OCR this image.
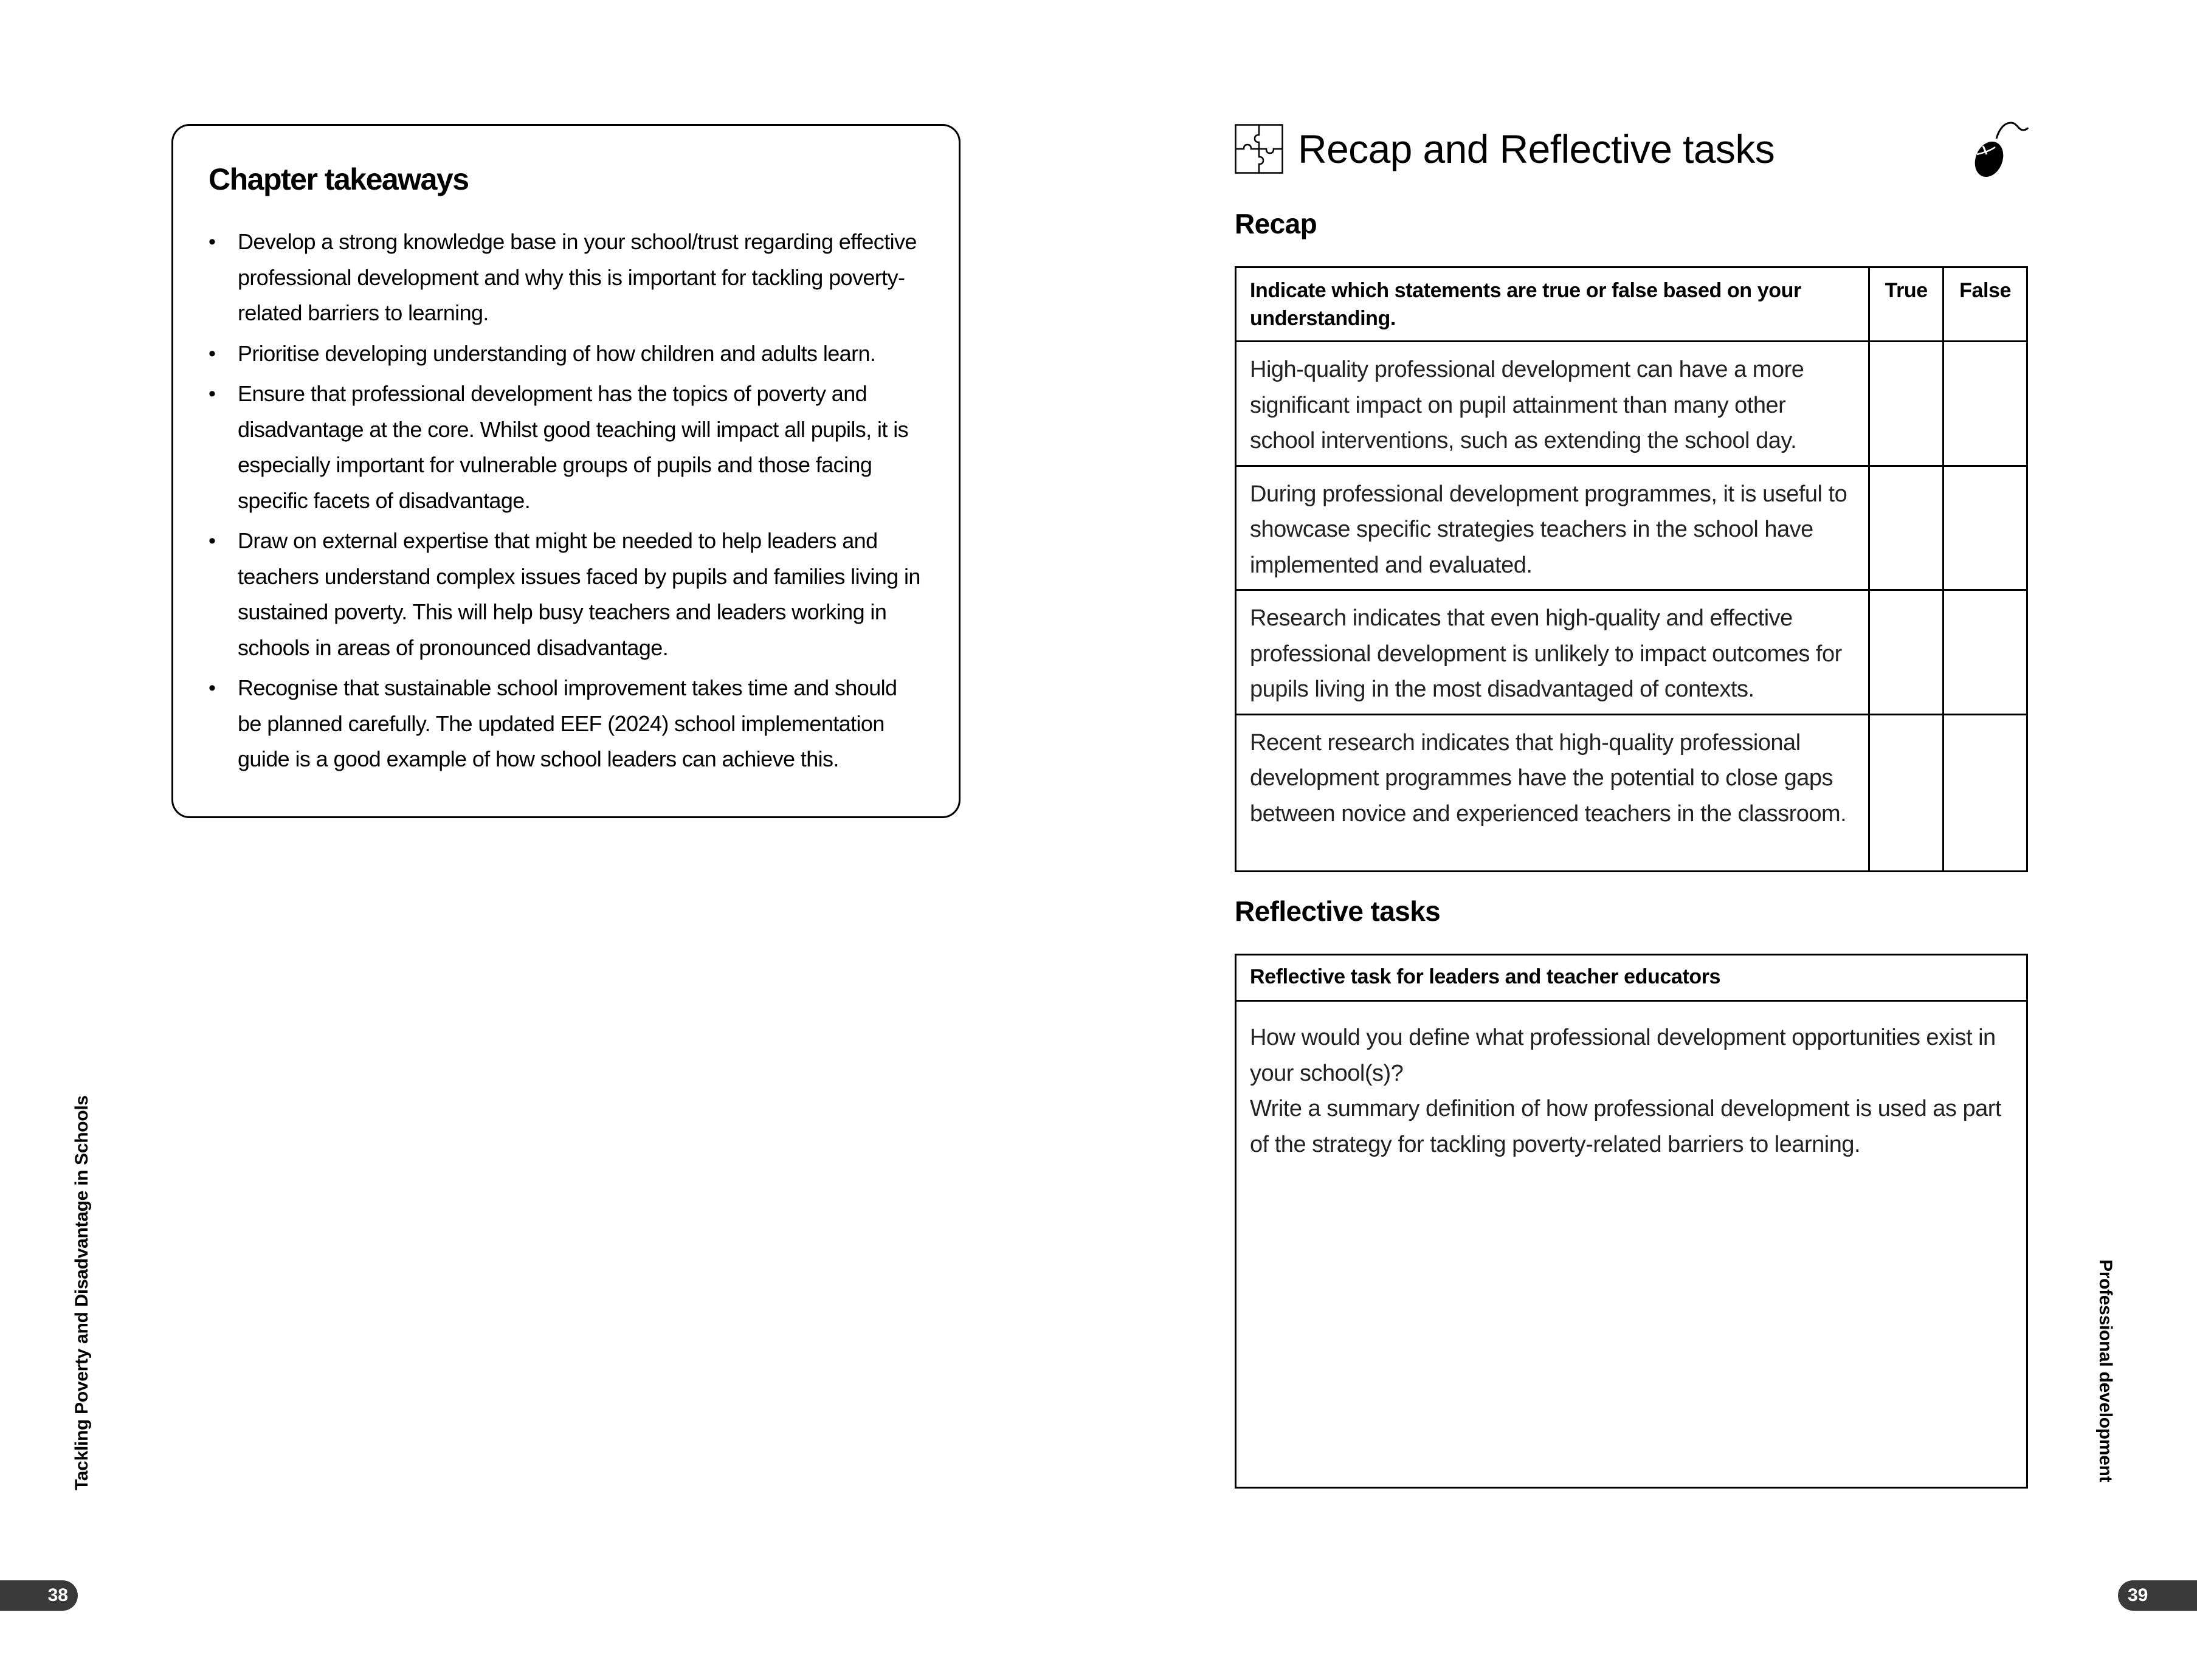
Chapter takeaways
• Develop a strong knowledge base in your school/trust regarding effective professional development and why this is important for tackling poverty-related barriers to learning.
• Prioritise developing understanding of how children and adults learn.
• Ensure that professional development has the topics of poverty and disadvantage at the core. Whilst good teaching will impact all pupils, it is especially important for vulnerable groups of pupils and those facing specific facets of disadvantage.
• Draw on external expertise that might be needed to help leaders and teachers understand complex issues faced by pupils and families living in sustained poverty. This will help busy teachers and leaders working in schools in areas of pronounced disadvantage.
• Recognise that sustainable school improvement takes time and should be planned carefully. The updated EEF (2024) school implementation guide is a good example of how school leaders can achieve this.
Tackling Poverty and Disadvantage in Schools
38
Recap and Reflective tasks
Recap
Indicate which statements are true or false based on your understanding.	True	False
High-quality professional development can have a more significant impact on pupil attainment than many other school interventions, such as extending the school day.		
During professional development programmes, it is useful to showcase specific strategies teachers in the school have implemented and evaluated.		
Research indicates that even high-quality and effective professional development is unlikely to impact outcomes for pupils living in the most disadvantaged of contexts.		
Recent research indicates that high-quality professional development programmes have the potential to close gaps between novice and experienced teachers in the classroom.		
Reflective tasks
Reflective task for leaders and teacher educators

How would you define what professional development opportunities exist in your school(s)?

Write a summary definition of how professional development is used as part of the strategy for tackling poverty-related barriers to learning.

Professional development
39
